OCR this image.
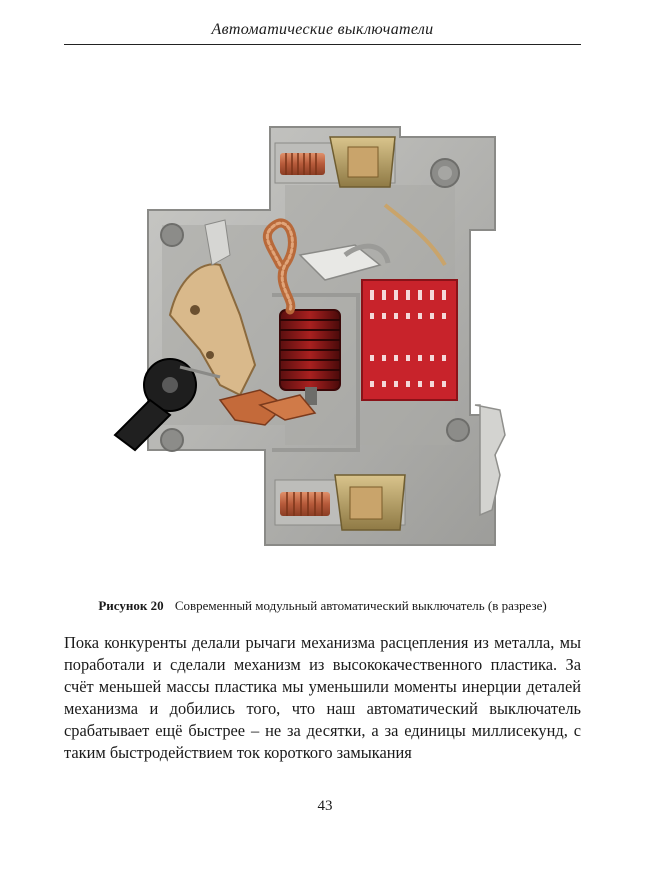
Автоматические выключатели
Рисунок 20 Современный модульный автоматический выключатель (в разрезе)

Пока конкуренты делали рычаги механизма расцепления из металла, мы поработали и сделали механизм из высококачественного пластика. За счёт меньшей массы пластика мы уменьшили моменты инерции деталей механизма и добились того, что наш автоматический выключатель срабатывает ещё быстрее – не за десятки, а за единицы миллисекунд, с таким быстродействием ток короткого замыкания

43
